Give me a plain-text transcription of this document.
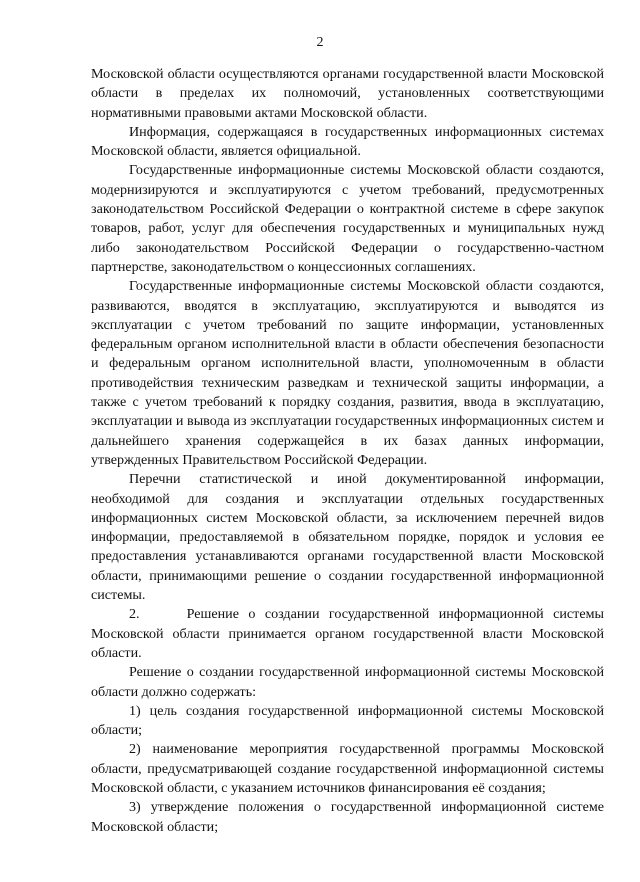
2

Московской области осуществляются органами государственной власти Московской области в пределах их полномочий, установленных соответствующими нормативными правовыми актами Московской области.

Информация, содержащаяся в государственных информационных системах Московской области, является официальной.

Государственные информационные системы Московской области создаются, модернизируются и эксплуатируются с учетом требований, предусмотренных законодательством Российской Федерации о контрактной системе в сфере закупок товаров, работ, услуг для обеспечения государственных и муниципальных нужд либо законодательством Российской Федерации о государственно-частном партнерстве, законодательством о концессионных соглашениях.

Государственные информационные системы Московской области создаются, развиваются, вводятся в эксплуатацию, эксплуатируются и выводятся из эксплуатации с учетом требований по защите информации, установленных федеральным органом исполнительной власти в области обеспечения безопасности и федеральным органом исполнительной власти, уполномоченным в области противодействия техническим разведкам и технической защиты информации, а также с учетом требований к порядку создания, развития, ввода в эксплуатацию, эксплуатации и вывода из эксплуатации государственных информационных систем и дальнейшего хранения содержащейся в их базах данных информации, утвержденных Правительством Российской Федерации.

Перечни статистической и иной документированной информации, необходимой для создания и эксплуатации отдельных государственных информационных систем Московской области, за исключением перечней видов информации, предоставляемой в обязательном порядке, порядок и условия ее предоставления устанавливаются органами государственной власти Московской области, принимающими решение о создании государственной информационной системы.

2.     Решение о создании государственной информационной системы Московской области принимается органом государственной власти Московской области.

Решение о создании государственной информационной системы Московской области должно содержать:

1) цель создания государственной информационной системы Московской области;

2) наименование мероприятия государственной программы Московской области, предусматривающей создание государственной информационной системы Московской области, с указанием источников финансирования её создания;

3) утверждение положения о государственной информационной системе Московской области;
